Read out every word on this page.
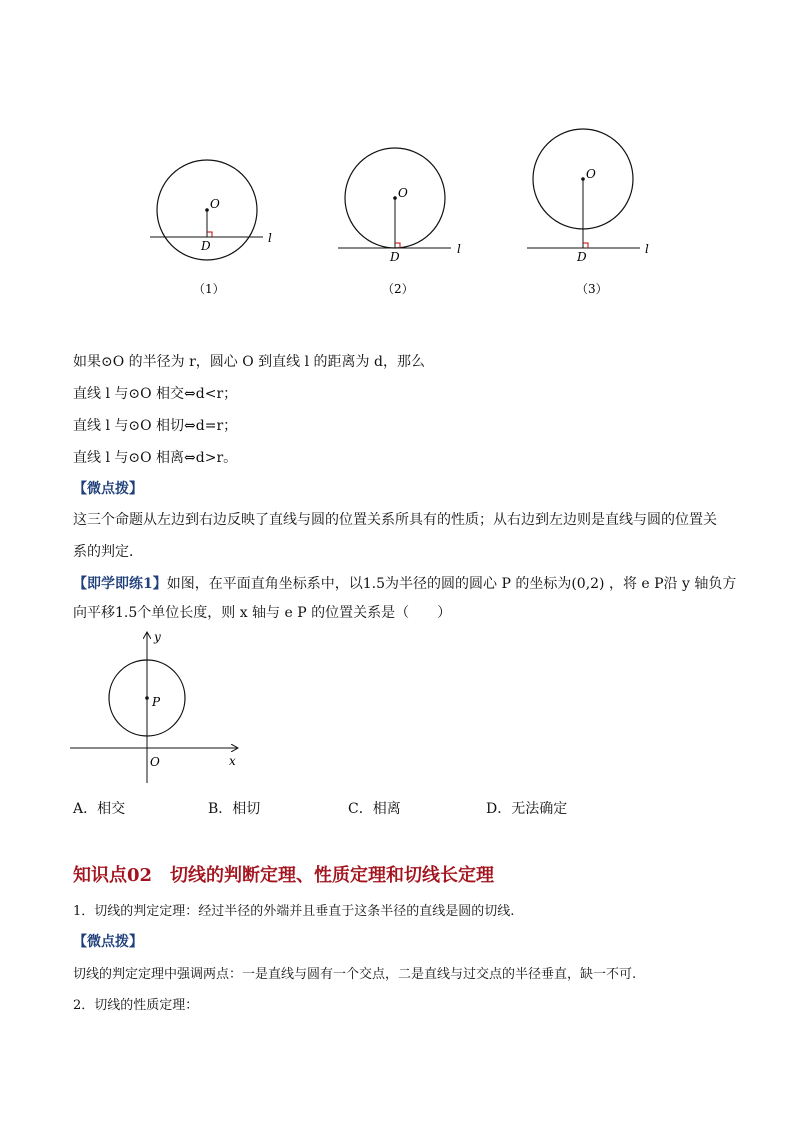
O
D
l
（1）
O
D
l
（2）
O
D
l
（3）
如果⊙O 的半径为 r，圆心 O 到直线 l 的距离为 d，那么
直线 l 与⊙O 相交⇔d<r；
直线 l 与⊙O 相切⇔d=r；
直线 l 与⊙O 相离⇔d>r。
【微点拨】
这三个命题从左边到右边反映了直线与圆的位置关系所具有的性质；从右边到左边则是直线与圆的位置关
系的判定．
【即学即练1】如图，在平面直角坐标系中，以1.5为半径的圆的圆心 P 的坐标为(0,2) ，将 e P沿 y 轴负方
向平移1.5个单位长度，则 x 轴与 e P 的位置关系是（　　）
y
x
O
P
A．相交	B．相切	C．相离	D．无法确定
知识点02　切线的判断定理、性质定理和切线长定理
1．切线的判定定理：经过半径的外端并且垂直于这条半径的直线是圆的切线.
【微点拨】
切线的判定定理中强调两点：一是直线与圆有一个交点，二是直线与过交点的半径垂直，缺一不可.
2．切线的性质定理：
